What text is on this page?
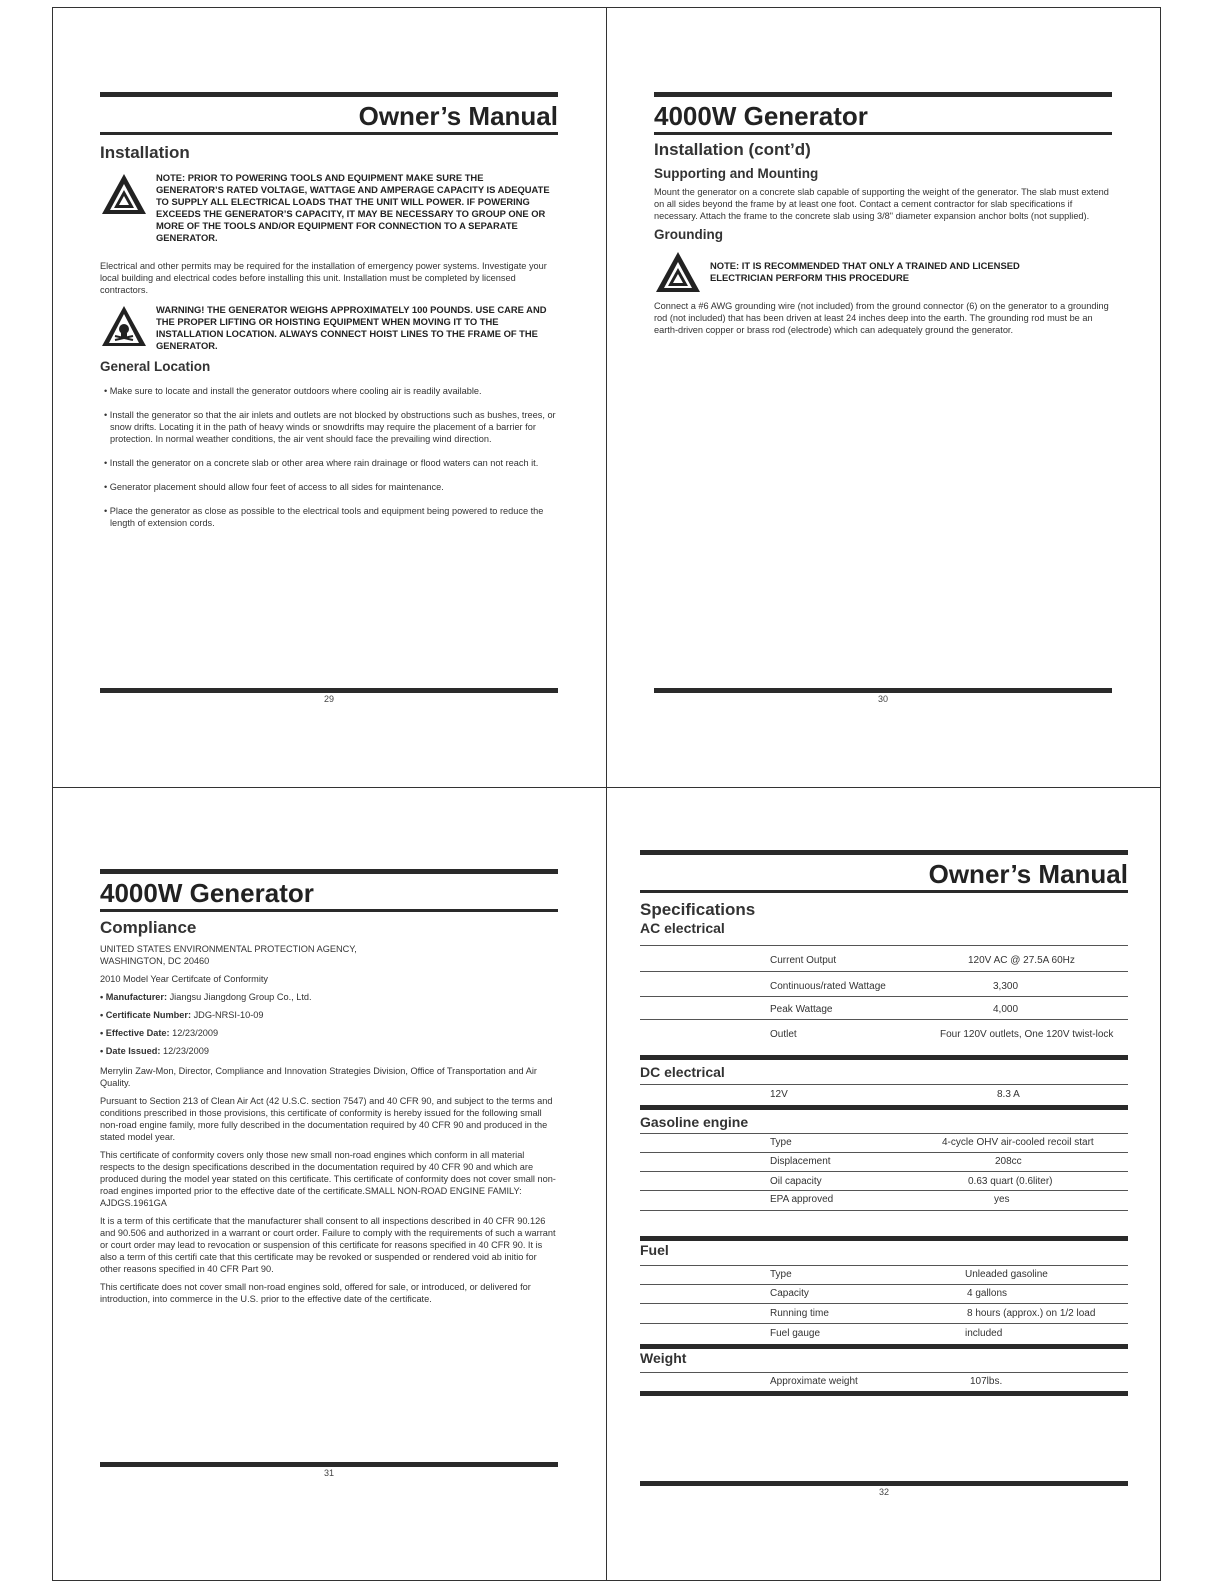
Owner’s Manual
Installation
NOTE: PRIOR TO POWERING TOOLS AND EQUIPMENT MAKE SURE THE GENERATOR’S RATED VOLTAGE, WATTAGE AND AMPERAGE CAPACITY IS ADEQUATE TO SUPPLY ALL ELECTRICAL LOADS THAT THE UNIT WILL POWER. IF POWERING EXCEEDS THE GENERATOR’S CAPACITY, IT MAY BE NECESSARY TO GROUP ONE OR MORE OF THE TOOLS AND/OR EQUIPMENT FOR CONNECTION TO A SEPARATE GENERATOR.

Electrical and other permits may be required for the installation of emergency power systems. Investigate your local building and electrical codes before installing this unit. Installation must be completed by licensed contractors.

WARNING! THE GENERATOR WEIGHS APPROXIMATELY 100 POUNDS. USE CARE AND THE PROPER LIFTING OR HOISTING EQUIPMENT WHEN MOVING IT TO THE INSTALLATION LOCATION. ALWAYS CONNECT HOIST LINES TO THE FRAME OF THE GENERATOR.
General Location

• Make sure to locate and install the generator outdoors where cooling air is readily available.

• Install the generator so that the air inlets and outlets are not blocked by obstructions such as bushes, trees, or snow drifts. Locating it in the path of heavy winds or snowdrifts may require the placement of a barrier for protection. In normal weather conditions, the air vent should face the prevailing wind direction.

• Install the generator on a concrete slab or other area where rain drainage or flood waters can not reach it.

• Generator placement should allow four feet of access to all sides for maintenance.

• Place the generator as close as possible to the electrical tools and equipment being powered to reduce the length of extension cords.

29
4000W Generator
Installation (cont’d)
Supporting and Mounting

Mount the generator on a concrete slab capable of supporting the weight of the generator. The slab must extend on all sides beyond the frame by at least one foot. Contact a cement contractor for slab specifications if necessary. Attach the frame to the concrete slab using 3/8" diameter expansion anchor bolts (not supplied).

Grounding
NOTE: IT IS RECOMMENDED THAT ONLY A TRAINED AND LICENSED ELECTRICIAN PERFORM THIS PROCEDURE

Connect a #6 AWG grounding wire (not included) from the ground connector (6) on the generator to a grounding rod (not included) that has been driven at least 24 inches deep into the earth. The grounding rod must be an earth-driven copper or brass rod (electrode) which can adequately ground the generator.

30
4000W Generator
Compliance

UNITED STATES ENVIRONMENTAL PROTECTION AGENCY,

WASHINGTON, DC 20460

2010 Model Year Certifcate of Conformity

• Manufacturer: Jiangsu Jiangdong Group Co., Ltd.

• Certificate Number: JDG-NRSI-10-09

• Effective Date: 12/23/2009

• Date Issued: 12/23/2009

Merrylin Zaw-Mon, Director, Compliance and Innovation Strategies Division, Office of Transportation and Air Quality.

Pursuant to Section 213 of Clean Air Act (42 U.S.C. section 7547) and 40 CFR 90, and subject to the terms and conditions prescribed in those provisions, this certificate of conformity is hereby issued for the following small non-road engine family, more fully described in the documentation required by 40 CFR 90 and produced in the stated model year.

This certificate of conformity covers only those new small non-road engines which conform in all material respects to the design specifications described in the documentation required by 40 CFR 90 and which are produced during the model year stated on this certificate. This certificate of conformity does not cover small non-road engines imported prior to the effective date of the certificate.SMALL NON-ROAD ENGINE FAMILY: AJDGS.1961GA

It is a term of this certificate that the manufacturer shall consent to all inspections described in 40 CFR 90.126 and 90.506 and authorized in a warrant or court order. Failure to comply with the requirements of such a warrant or court order may lead to revocation or suspension of this certificate for reasons specified in 40 CFR 90. It is also a term of this certifi cate that this certificate may be revoked or suspended or rendered void ab initio for other reasons specified in 40 CFR Part 90.

This certificate does not cover small non-road engines sold, offered for sale, or introduced, or delivered for introduction, into commerce in the U.S. prior to the effective date of the certificate.

31
Owner’s Manual
Specifications
AC electrical
Current Output	120V AC @ 27.5A 60Hz
Continuous/rated Wattage	3,300
Peak Wattage	4,000
Outlet	Four 120V outlets, One 120V twist-lock
DC electrical
12V	8.3 A
Gasoline engine
Type	4-cycle OHV air-cooled recoil start
Displacement	208cc
Oil capacity	0.63 quart (0.6liter)
EPA approved	yes
Fuel
Type	Unleaded gasoline
Capacity	4 gallons
Running time	8 hours (approx.) on 1/2 load
Fuel gauge	included
Weight
Approximate weight	107lbs.
32
